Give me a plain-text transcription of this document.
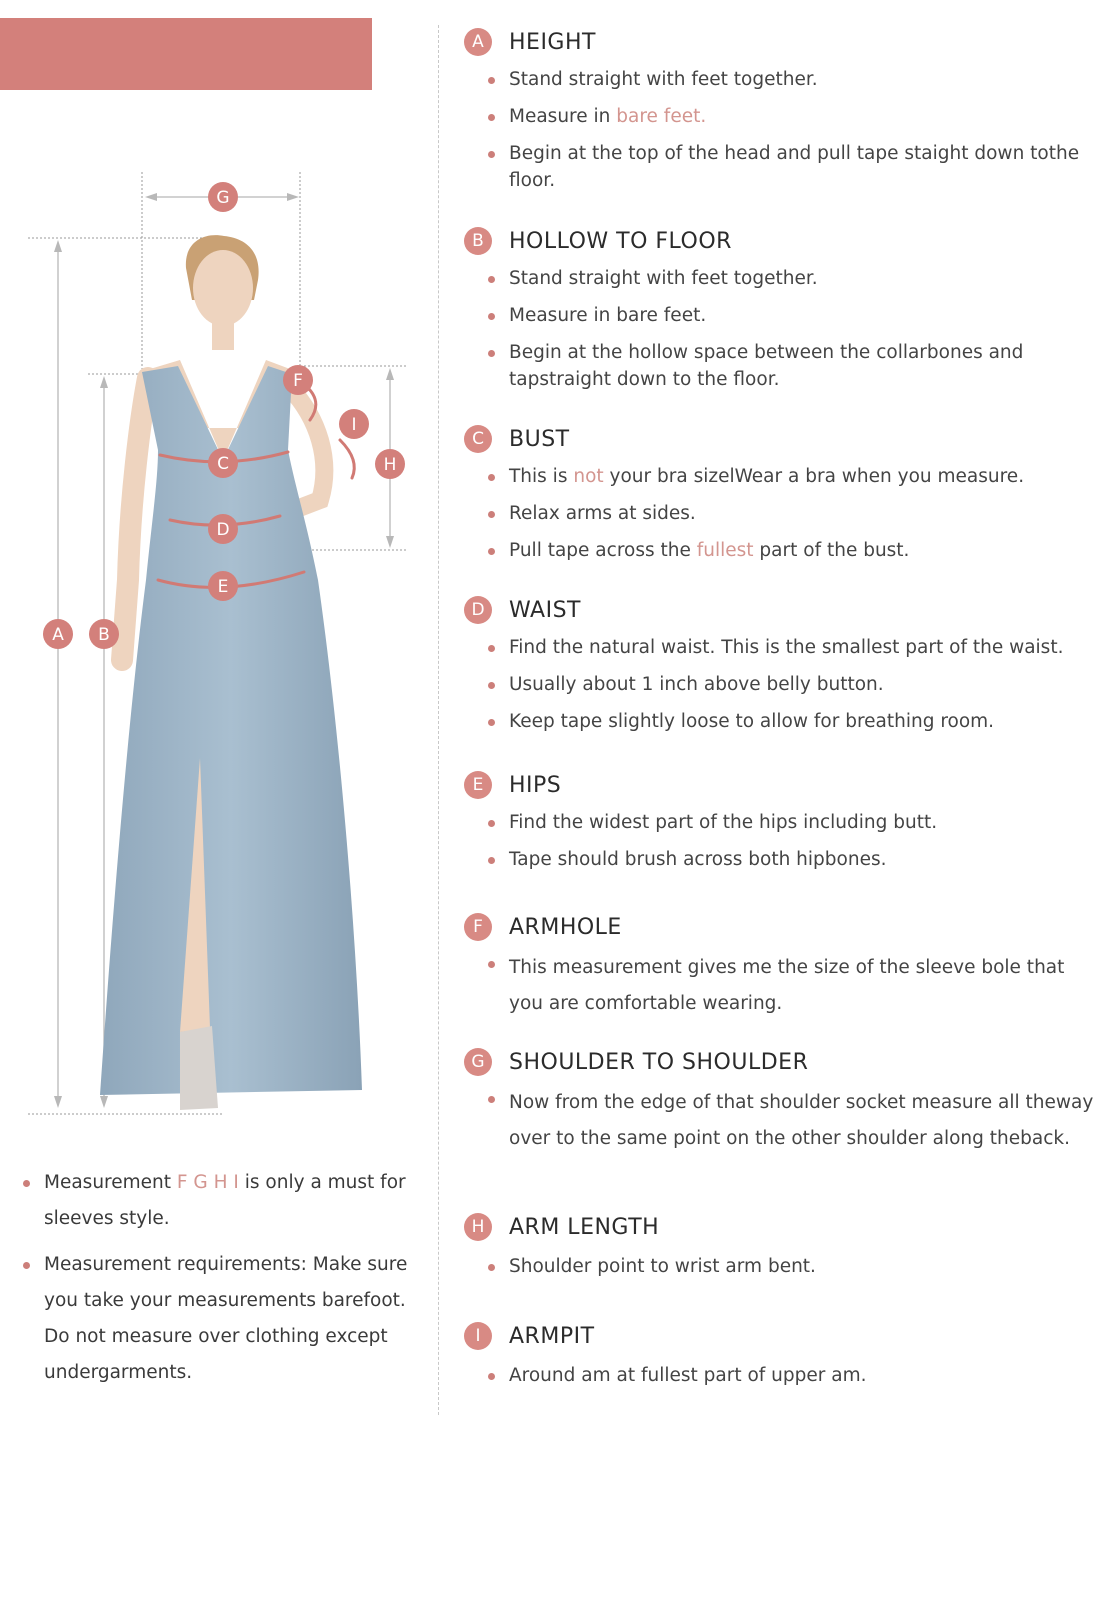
A B
C
D
E
F
G
H
I
Measurement F G H I is only a must for sleeves style.
Measurement requirements: Make sure you take your measurements barefoot. Do not measure over clothing except undergarments.
A	HEIGHT
Stand straight with feet together.
Measure in bare feet.
Begin at the top of the head and pull tape staight down tothe floor.
B	HOLLOW TO FLOOR
Stand straight with feet together.
Measure in bare feet.
Begin at the hollow space between the collarbones and tapstraight down to the floor.
C	BUST
This is not your bra sizelWear a bra when you measure.
Relax arms at sides.
Pull tape across the fullest part of the bust.
D	WAIST
Find the natural waist. This is the smallest part of the waist.
Usually about 1 inch above belly button.
Keep tape slightly loose to allow for breathing room.
E	HIPS
Find the widest part of the hips including butt.
Tape should brush across both hipbones.
F	ARMHOLE
This measurement gives me the size of the sleeve bole that you are comfortable wearing.
G	SHOULDER TO SHOULDER
Now from the edge of that shoulder socket measure all theway over to the same point on the other shoulder along theback.
H	ARM LENGTH
Shoulder point to wrist arm bent.
I	ARMPIT
Around am at fullest part of upper am.
